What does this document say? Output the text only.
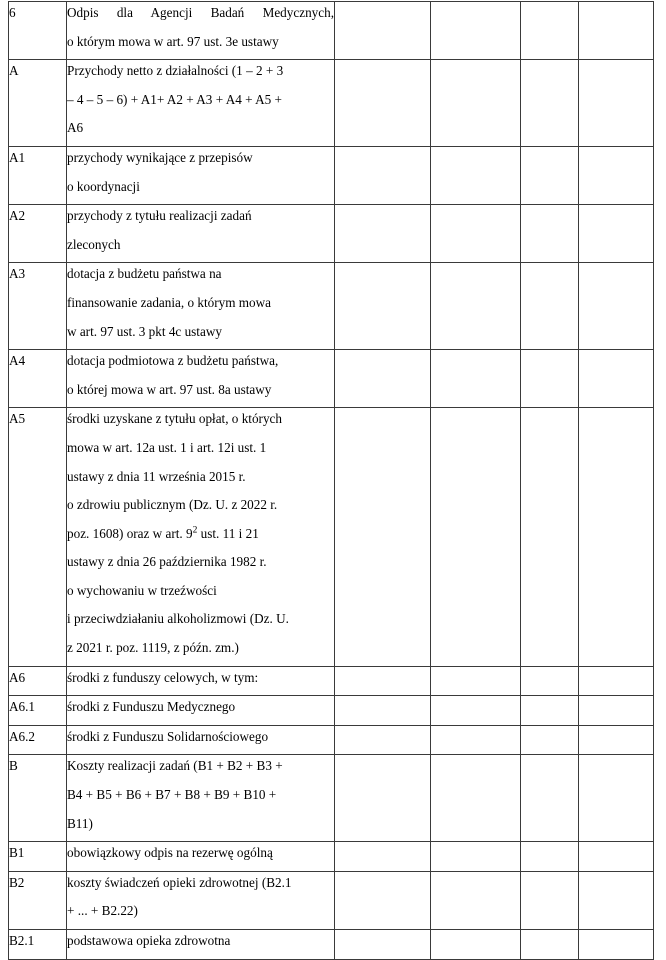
6	Odpis dla Agencji Badań Medycznych,
o którym mowa w art. 97 ust. 3e ustawy				

A	Przychody netto z działalności (1 – 2 + 3
– 4 – 5 – 6) + A1+ A2 + A3 + A4 + A5 +
A6				

A1	przychody wynikające z przepisów
o koordynacji				

A2	przychody z tytułu realizacji zadań
zleconych				

A3	dotacja z budżetu państwa na
finansowanie zadania, o którym mowa
w art. 97 ust. 3 pkt 4c ustawy				

A4	dotacja podmiotowa z budżetu państwa,
o której mowa w art. 97 ust. 8a ustawy				

A5	środki uzyskane z tytułu opłat, o których
mowa w art. 12a ust. 1 i art. 12i ust. 1
ustawy z dnia 11 września 2015 r.
o zdrowiu publicznym (Dz. U. z 2022 r.
poz. 1608) oraz w art. $9^2$ ust. 11 i 21
ustawy z dnia 26 października 1982 r.
o wychowaniu w trzeźwości
i przeciwdziałaniu alkoholizmowi (Dz. U.
z 2021 r. poz. 1119, z późn. zm.)

A6	środki z funduszy celowych, w tym:				

A6.1	środki z Funduszu Medycznego				

A6.2	środki z Funduszu Solidarnościowego				

B	Koszty realizacji zadań (B1 + B2 + B3 +
B4 + B5 + B6 + B7 + B8 + B9 + B10 +
B11)				

B1	obowiązkowy odpis na rezerwę ogólną				

B2	koszty świadczeń opieki zdrowotnej (B2.1
+ ... + B2.22)				

B2.1	podstawowa opieka zdrowotna				
